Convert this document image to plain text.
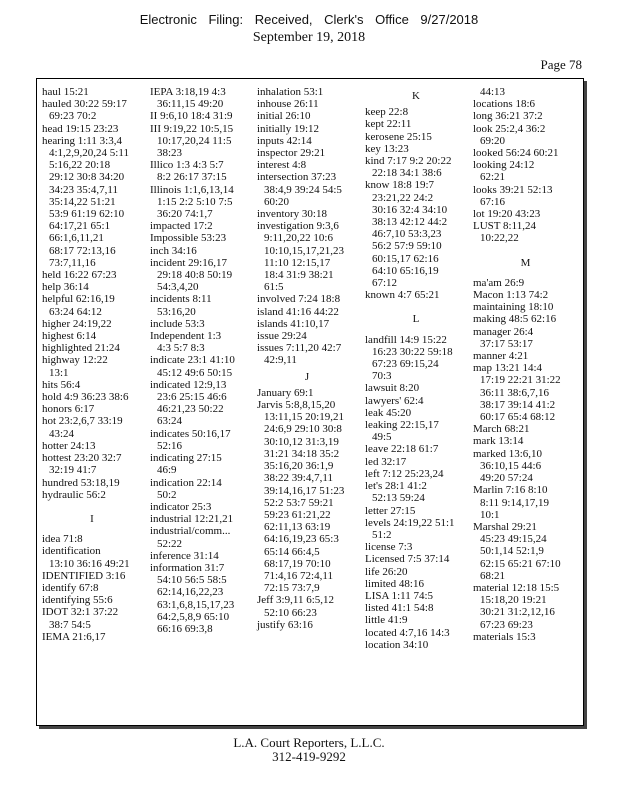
Electronic Filing: Received, Clerk's Office 9/27/2018
September 19, 2018
Page 78
haul 15:21
hauled 30:22 59:17
69:23 70:2
head 19:15 23:23
hearing 1:11 3:3,4
4:1,2,9,20,24 5:11
5:16,22 20:18
29:12 30:8 34:20
34:23 35:4,7,11
35:14,22 51:21
53:9 61:19 62:10
64:17,21 65:1
66:1,6,11,21
68:17 72:13,16
73:7,11,16
held 16:22 67:23
help 36:14
helpful 62:16,19
63:24 64:12
higher 24:19,22
highest 6:14
highlighted 21:24
highway 12:22
13:1
hits 56:4
hold 4:9 36:23 38:6
honors 6:17
hot 23:2,6,7 33:19
43:24
hotter 24:13
hottest 23:20 32:7
32:19 41:7
hundred 53:18,19
hydraulic 56:2
I
idea 71:8
identification
13:10 36:16 49:21
IDENTIFIED 3:16
identify 67:8
identifying 55:6
IDOT 32:1 37:22
38:7 54:5
IEMA 21:6,17
IEPA 3:18,19 4:3
36:11,15 49:20
II 9:6,10 18:4 31:9
III 9:19,22 10:5,15
10:17,20,24 11:5
38:23
Illico 1:3 4:3 5:7
8:2 26:17 37:15
Illinois 1:1,6,13,14
1:15 2:2 5:10 7:5
36:20 74:1,7
impacted 17:2
Impossible 53:23
inch 34:16
incident 29:16,17
29:18 40:8 50:19
54:3,4,20
incidents 8:11
53:16,20
include 53:3
Independent 1:3
4:3 5:7 8:3
indicate 23:1 41:10
45:12 49:6 50:15
indicated 12:9,13
23:6 25:15 46:6
46:21,23 50:22
63:24
indicates 50:16,17
52:16
indicating 27:15
46:9
indication 22:14
50:2
indicator 25:3
industrial 12:21,21
industrial/comm...
52:22
inference 31:14
information 31:7
54:10 56:5 58:5
62:14,16,22,23
63:1,6,8,15,17,23
64:2,5,8,9 65:10
66:16 69:3,8
inhalation 53:1
inhouse 26:11
initial 26:10
initially 19:12
inputs 42:14
inspector 29:21
interest 4:8
intersection 37:23
38:4,9 39:24 54:5
60:20
inventory 30:18
investigation 9:3,6
9:11,20,22 10:6
10:10,15,17,21,23
11:10 12:15,17
18:4 31:9 38:21
61:5
involved 7:24 18:8
island 41:16 44:22
islands 41:10,17
issue 29:24
issues 7:11,20 42:7
42:9,11
J
January 69:1
Jarvis 5:8,8,15,20
13:11,15 20:19,21
24:6,9 29:10 30:8
30:10,12 31:3,19
31:21 34:18 35:2
35:16,20 36:1,9
38:22 39:4,7,11
39:14,16,17 51:23
52:2 53:7 59:21
59:23 61:21,22
62:11,13 63:19
64:16,19,23 65:3
65:14 66:4,5
68:17,19 70:10
71:4,16 72:4,11
72:15 73:7,9
Jeff 3:9,11 6:5,12
52:10 66:23
justify 63:16
K
keep 22:8
kept 22:11
kerosene 25:15
key 13:23
kind 7:17 9:2 20:22
22:18 34:1 38:6
know 18:8 19:7
23:21,22 24:2
30:16 32:4 34:10
38:13 42:12 44:2
46:7,10 53:3,23
56:2 57:9 59:10
60:15,17 62:16
64:10 65:16,19
67:12
known 4:7 65:21
L
landfill 14:9 15:22
16:23 30:22 59:18
67:23 69:15,24
70:3
lawsuit 8:20
lawyers' 62:4
leak 45:20
leaking 22:15,17
49:5
leave 22:18 61:7
led 32:17
left 7:12 25:23,24
let's 28:1 41:2
52:13 59:24
letter 27:15
levels 24:19,22 51:1
51:2
license 7:3
Licensed 7:5 37:14
life 26:20
limited 48:16
LISA 1:11 74:5
listed 41:1 54:8
little 41:9
located 4:7,16 14:3
location 34:10
44:13
locations 18:6
long 36:21 37:2
look 25:2,4 36:2
69:20
looked 56:24 60:21
looking 24:12
62:21
looks 39:21 52:13
67:16
lot 19:20 43:23
LUST 8:11,24
10:22,22
M
ma'am 26:9
Macon 1:13 74:2
maintaining 18:10
making 48:5 62:16
manager 26:4
37:17 53:17
manner 4:21
map 13:21 14:4
17:19 22:21 31:22
36:11 38:6,7,16
38:17 39:14 41:2
60:17 65:4 68:12
March 68:21
mark 13:14
marked 13:6,10
36:10,15 44:6
49:20 57:24
Marlin 7:16 8:10
8:11 9:14,17,19
10:1
Marshal 29:21
45:23 49:15,24
50:1,14 52:1,9
62:15 65:21 67:10
68:21
material 12:18 15:5
15:18,20 19:21
30:21 31:2,12,16
67:23 69:23
materials 15:3
L.A. Court Reporters, L.L.C.
312-419-9292
